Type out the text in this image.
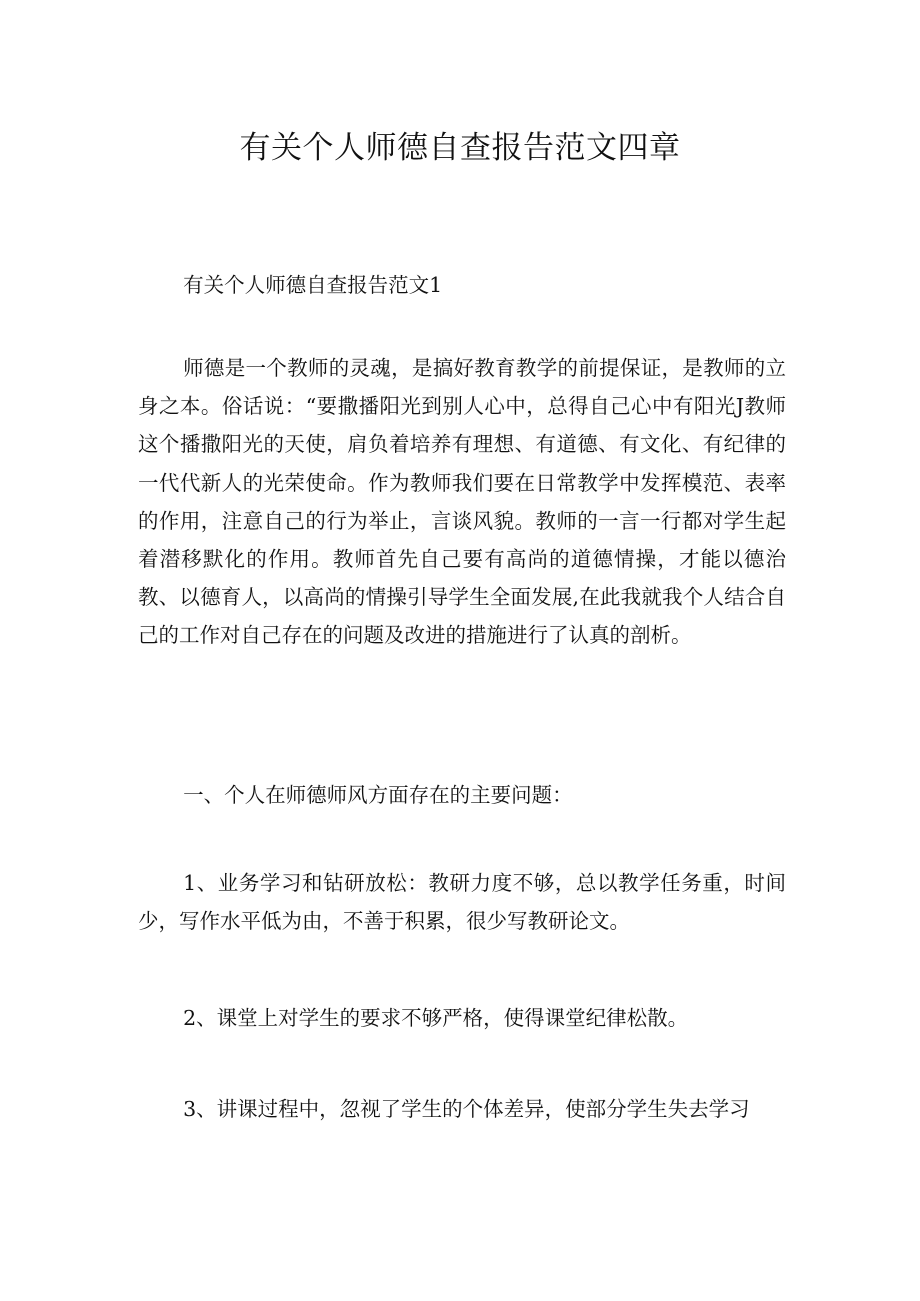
有关个人师德自查报告范文四章

有关个人师德自查报告范文1

师德是一个教师的灵魂，是搞好教育教学的前提保证，是教师的立身之本。俗话说：“要撒播阳光到别人心中，总得自己心中有阳光J教师这个播撒阳光的天使，肩负着培养有理想、有道德、有文化、有纪律的一代代新人的光荣使命。作为教师我们要在日常教学中发挥模范、表率的作用，注意自己的行为举止，言谈风貌。教师的一言一行都对学生起着潜移默化的作用。教师首先自己要有高尚的道德情操，才能以德治教、以德育人，以高尚的情操引导学生全面发展,在此我就我个人结合自己的工作对自己存在的问题及改进的措施进行了认真的剖析。

一、个人在师德师风方面存在的主要问题：

1、业务学习和钻研放松：教研力度不够，总以教学任务重，时间少，写作水平低为由，不善于积累，很少写教研论文。

2、课堂上对学生的要求不够严格，使得课堂纪律松散。

3、讲课过程中，忽视了学生的个体差异，使部分学生失去学习
